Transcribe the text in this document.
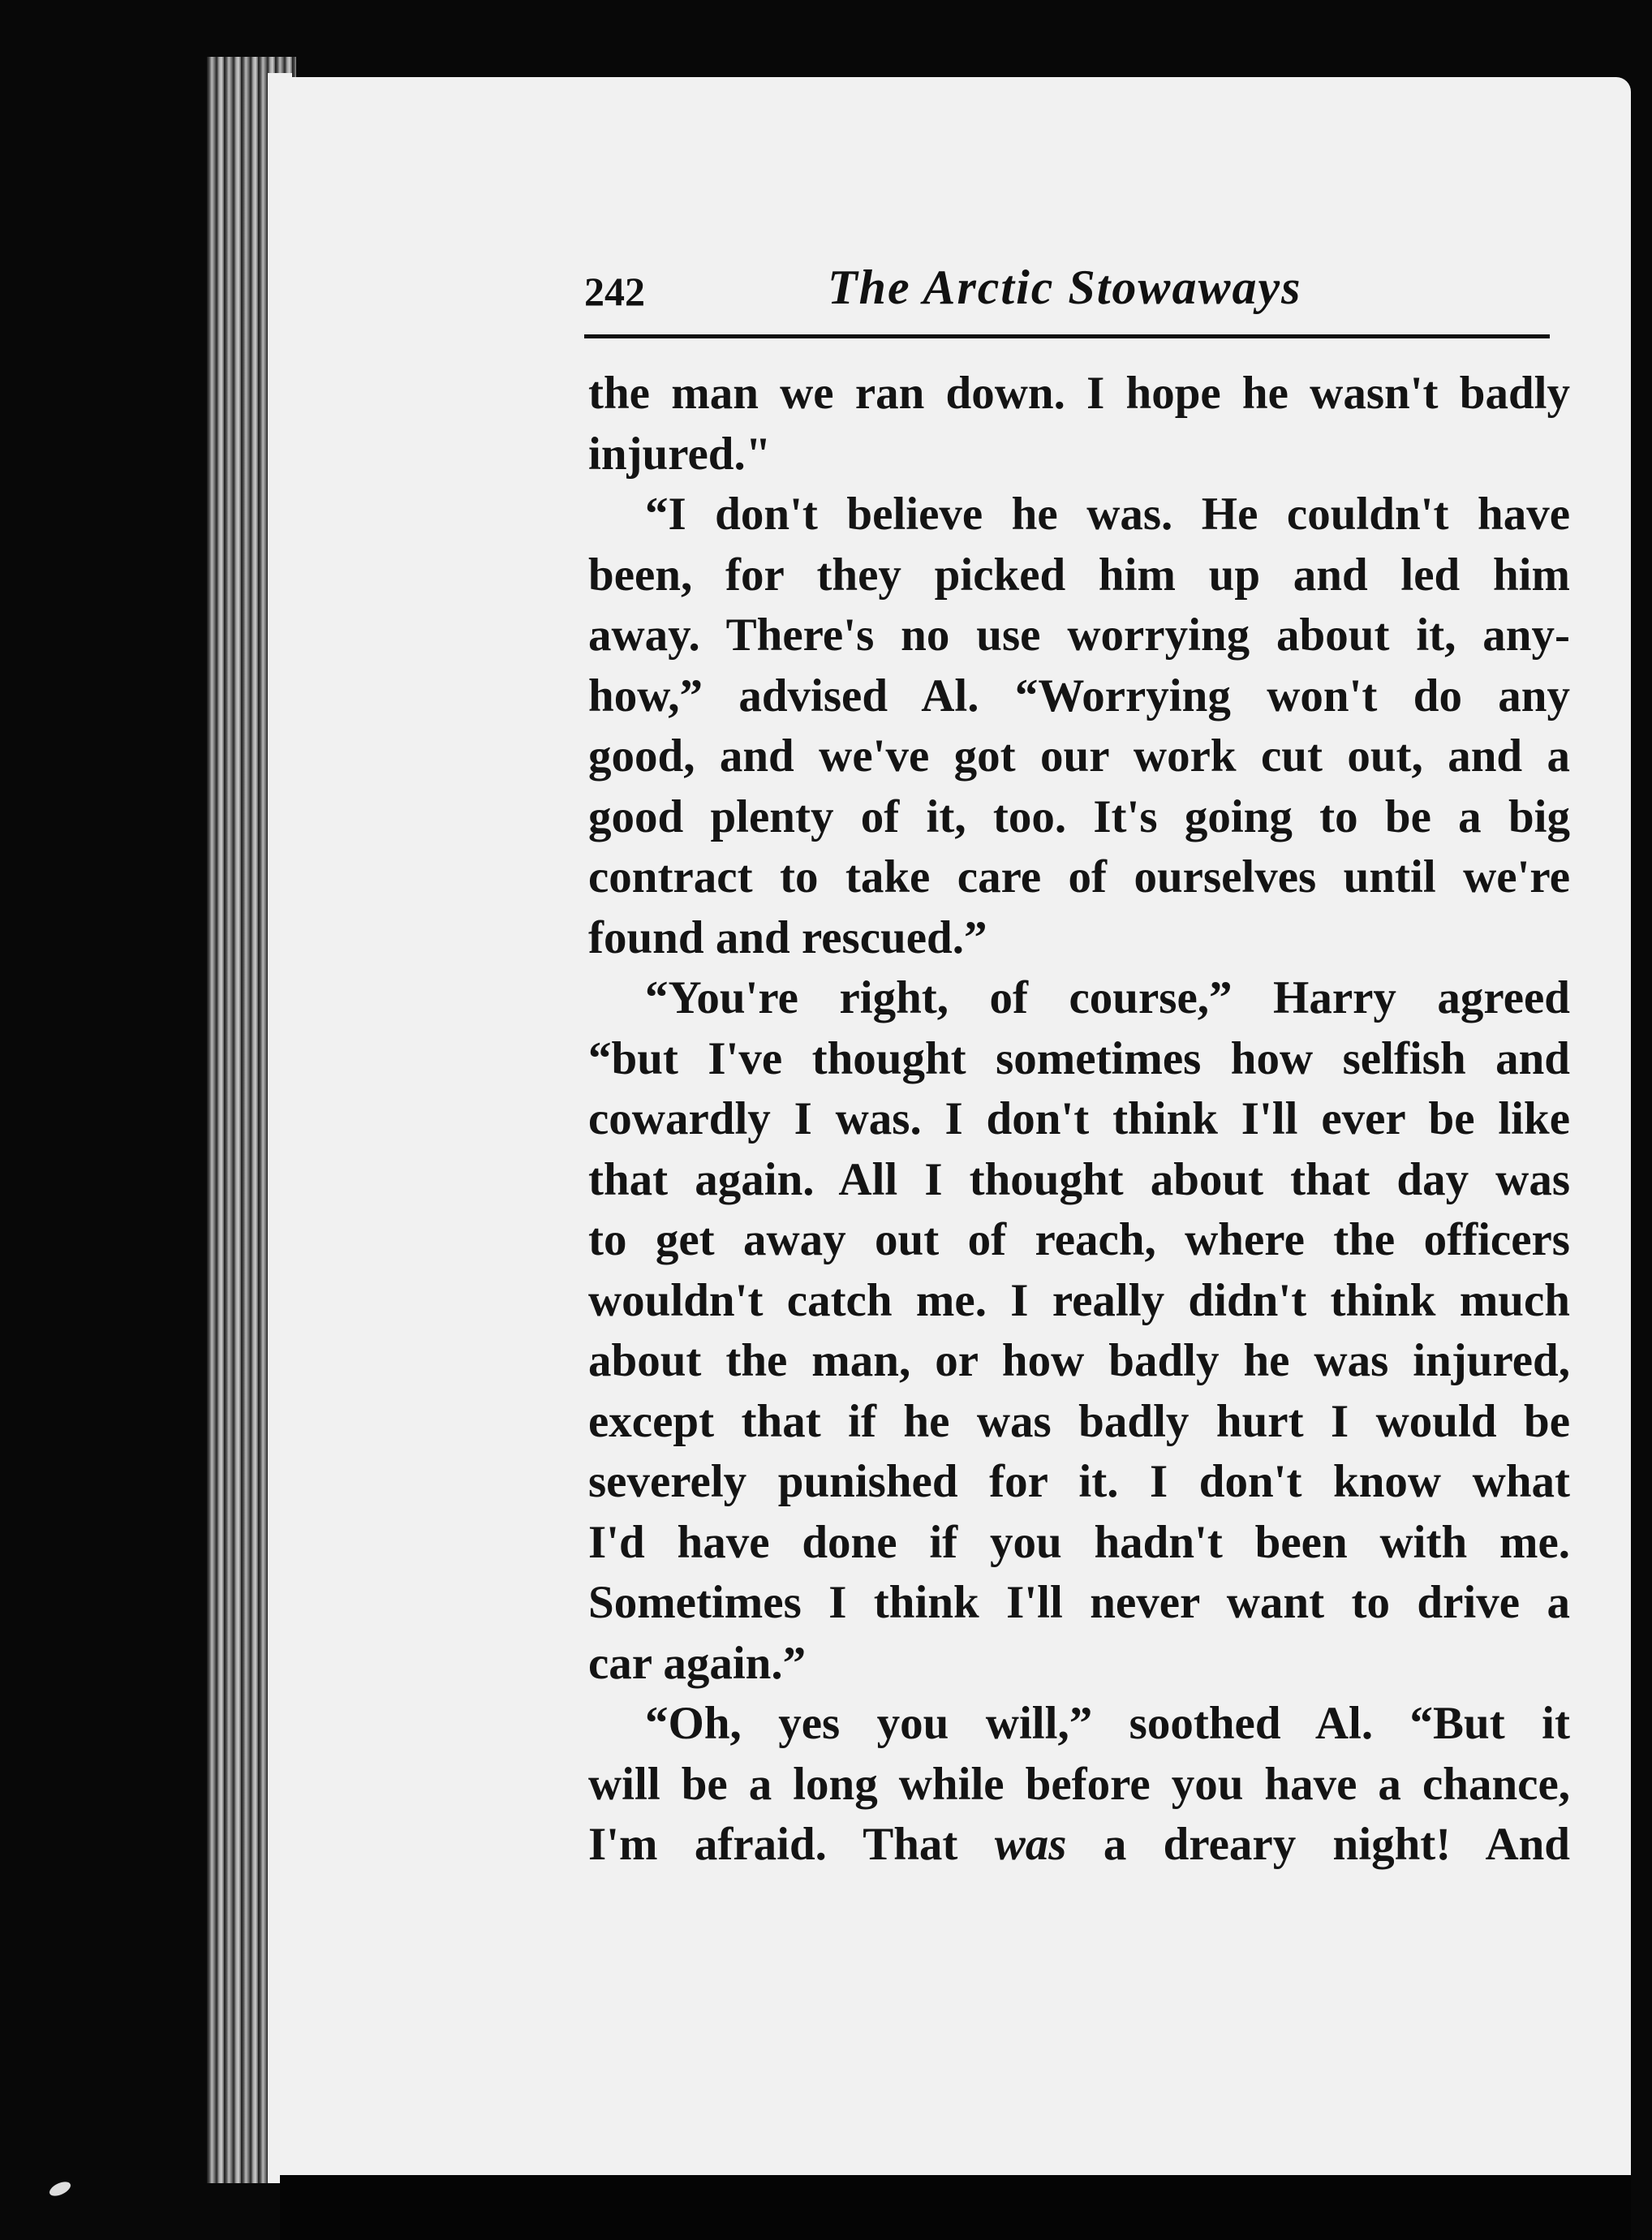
242	The Arctic Stowaways
the man we ran down. I hope he wasn't badly
injured."
“I don't believe he was. He couldn't have
been, for they picked him up and led him
away. There's no use worrying about it, any-
how,” advised Al. “Worrying won't do any
good, and we've got our work cut out, and a
good plenty of it, too. It's going to be a big
contract to take care of ourselves until we're
found and rescued.”
“You're right, of course,” Harry agreed
“but I've thought sometimes how selfish and
cowardly I was. I don't think I'll ever be like
that again. All I thought about that day was
to get away out of reach, where the officers
wouldn't catch me. I really didn't think much
about the man, or how badly he was injured,
except that if he was badly hurt I would be
severely punished for it. I don't know what
I'd have done if you hadn't been with me.
Sometimes I think I'll never want to drive a
car again.”
“Oh, yes you will,” soothed Al. “But it
will be a long while before you have a chance,
I'm afraid. That was a dreary night! And
